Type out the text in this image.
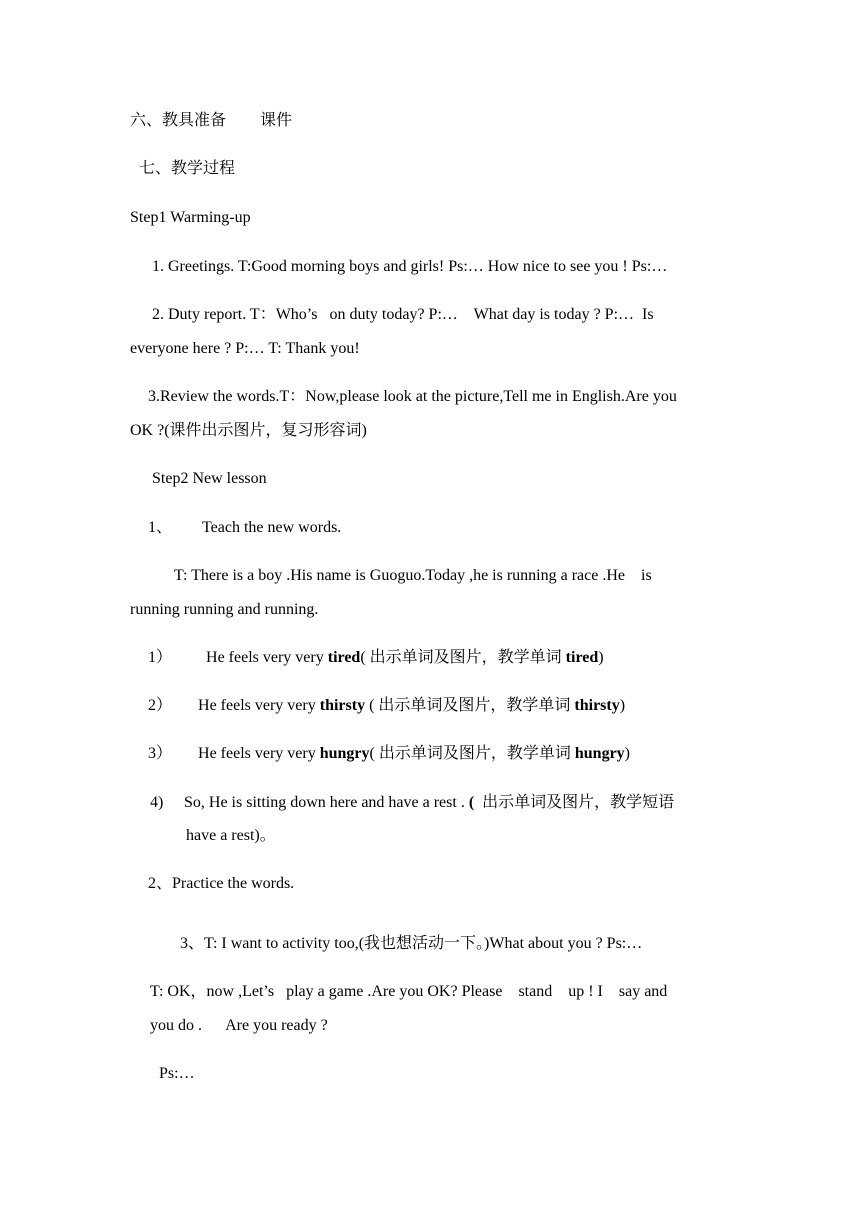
六、教具准备 课件
七、教学过程
Step1 Warming-up
1. Greetings. T:Good morning boys and girls! Ps:… How nice to see you ! Ps:…
2. Duty report. T：Who’s   on duty today? P:…    What day is today ? P:…  Is
everyone here ? P:… T: Thank you!
3.Review the words.T：Now,please look at the picture,Tell me in English.Are you
OK ?(课件出示图片，复习形容词)
Step2 New lesson
1、 Teach the new words.
T: There is a boy .His name is Guoguo.Today ,he is running a race .He    is
running running and running.
1） He feels very very tired( 出示单词及图片，教学单词 tired)
2） He feels very very thirsty ( 出示单词及图片，教学单词 thirsty)
3） He feels very very hungry( 出示单词及图片，教学单词 hungry)
4) So, He is sitting down here and have a rest . (  出示单词及图片，教学短语
have a rest)。
2、Practice the words.
3、T: I want to activity too,(我也想活动一下。)What about you ? Ps:…
T: OK，now ,Let’s   play a game .Are you OK? Please    stand    up ! I    say and
you do .      Are you ready ?
Ps:…
